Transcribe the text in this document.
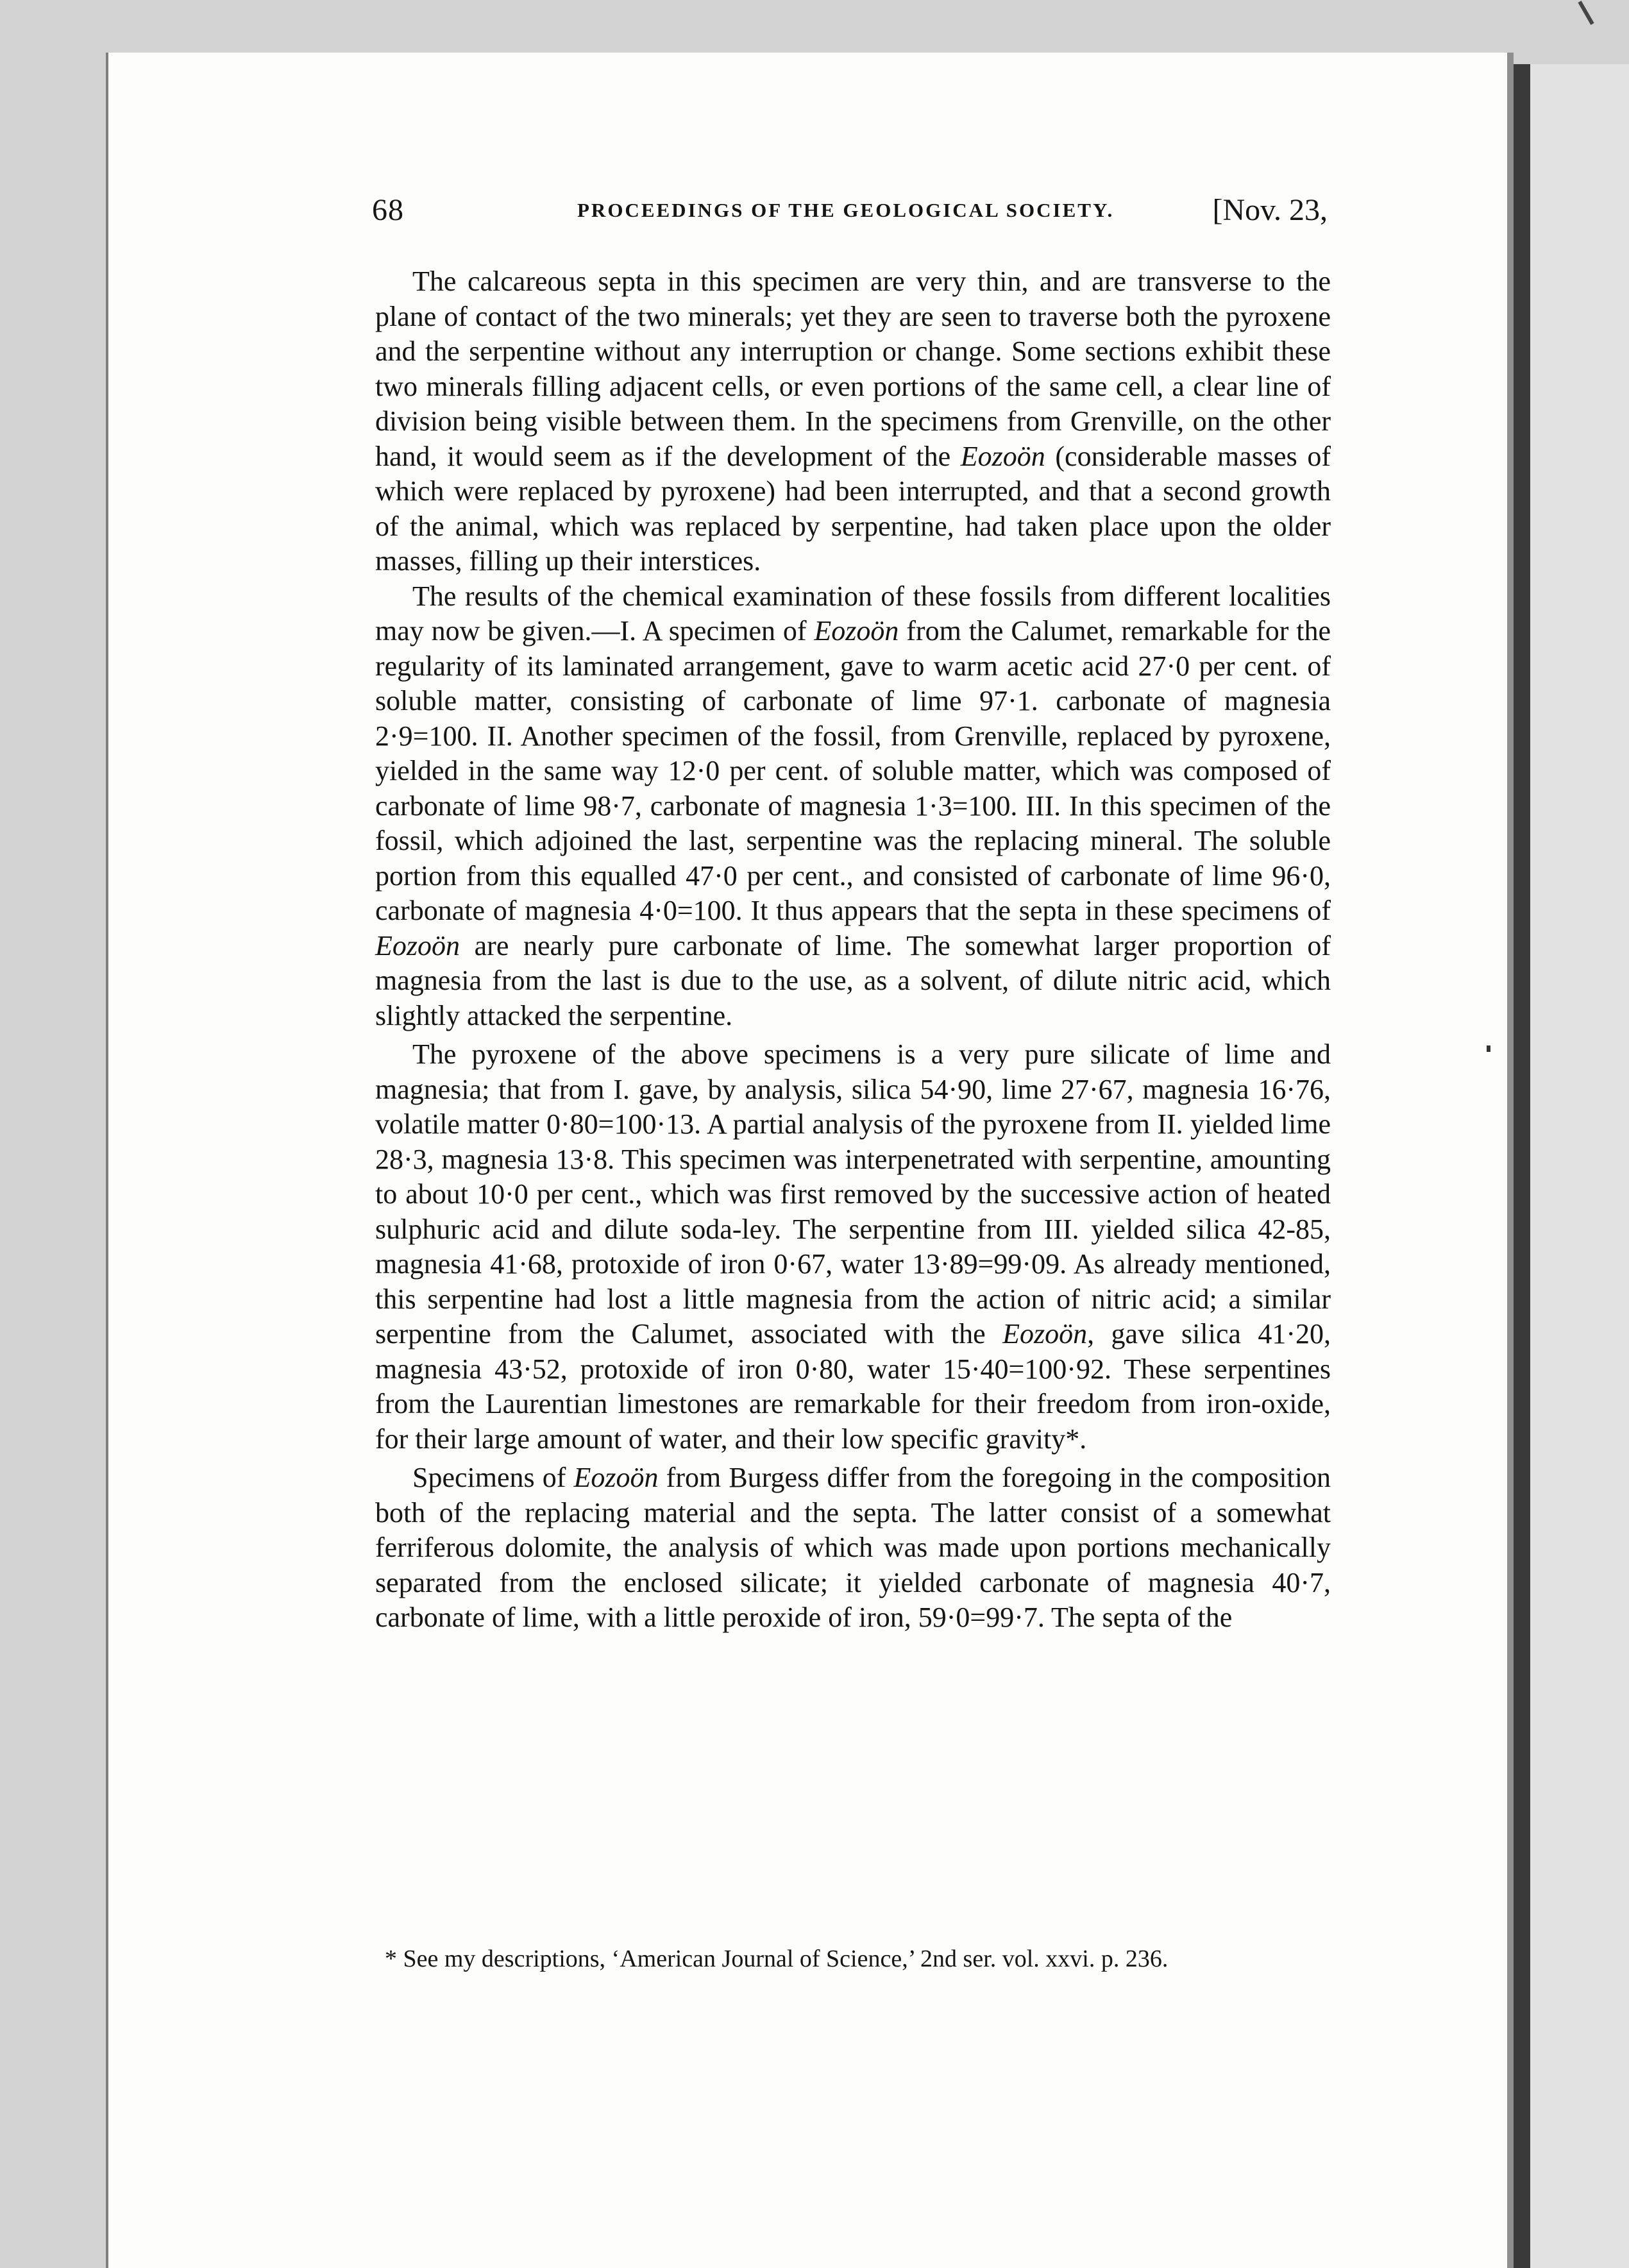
68	PROCEEDINGS OF THE GEOLOGICAL SOCIETY.	[Nov. 23,

The calcareous septa in this specimen are very thin, and are transverse to the plane of contact of the two minerals; yet they are seen to traverse both the pyroxene and the serpentine without any interruption or change. Some sections exhibit these two minerals filling adjacent cells, or even portions of the same cell, a clear line of division being visible between them. In the specimens from Grenville, on the other hand, it would seem as if the development of the Eozoön (considerable masses of which were replaced by pyroxene) had been interrupted, and that a second growth of the animal, which was replaced by serpentine, had taken place upon the older masses, filling up their interstices.

The results of the chemical examination of these fossils from different localities may now be given.—I. A specimen of Eozoön from the Calumet, remarkable for the regularity of its laminated arrangement, gave to warm acetic acid 27·0 per cent. of soluble matter, consisting of carbonate of lime 97·1. carbonate of magnesia 2·9=100. II. Another specimen of the fossil, from Grenville, replaced by pyroxene, yielded in the same way 12·0 per cent. of soluble matter, which was composed of carbonate of lime 98·7, carbonate of magnesia 1·3=100. III. In this specimen of the fossil, which adjoined the last, serpentine was the replacing mineral. The soluble portion from this equalled 47·0 per cent., and consisted of carbonate of lime 96·0, carbonate of magnesia 4·0=100. It thus appears that the septa in these specimens of Eozoön are nearly pure carbonate of lime. The somewhat larger proportion of magnesia from the last is due to the use, as a solvent, of dilute nitric acid, which slightly attacked the serpentine.

The pyroxene of the above specimens is a very pure silicate of lime and magnesia; that from I. gave, by analysis, silica 54·90, lime 27·67, magnesia 16·76, volatile matter 0·80=100·13. A partial analysis of the pyroxene from II. yielded lime 28·3, magnesia 13·8. This specimen was interpenetrated with serpentine, amounting to about 10·0 per cent., which was first removed by the successive action of heated sulphuric acid and dilute soda-ley. The serpentine from III. yielded silica 42-85, magnesia 41·68, protoxide of iron 0·67, water 13·89=99·09. As already mentioned, this serpentine had lost a little magnesia from the action of nitric acid; a similar serpentine from the Calumet, associated with the Eozoön, gave silica 41·20, magnesia 43·52, protoxide of iron 0·80, water 15·40=100·92. These serpentines from the Laurentian limestones are remarkable for their freedom from iron-oxide, for their large amount of water, and their low specific gravity*.

Specimens of Eozoön from Burgess differ from the foregoing in the composition both of the replacing material and the septa. The latter consist of a somewhat ferriferous dolomite, the analysis of which was made upon portions mechanically separated from the enclosed silicate; it yielded carbonate of magnesia 40·7, carbonate of lime, with a little peroxide of iron, 59·0=99·7. The septa of the

* See my descriptions, ‘American Journal of Science,’ 2nd ser. vol. xxvi. p. 236.
